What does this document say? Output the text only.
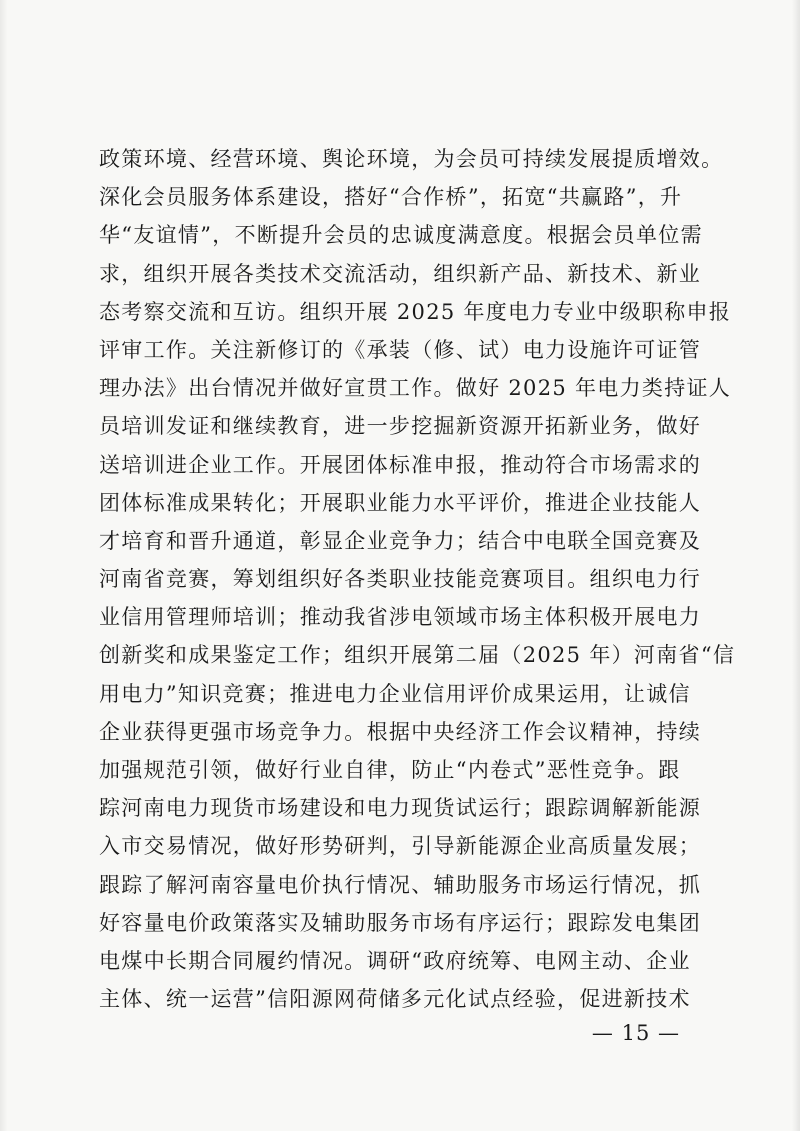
政策环境、经营环境、舆论环境，为会员可持续发展提质增效。
深化会员服务体系建设，搭好“合作桥”，拓宽“共赢路”，升
华“友谊情”，不断提升会员的忠诚度满意度。根据会员单位需
求，组织开展各类技术交流活动，组织新产品、新技术、新业
态考察交流和互访。组织开展 2025 年度电力专业中级职称申报
评审工作。关注新修订的《承装（修、试）电力设施许可证管
理办法》出台情况并做好宣贯工作。做好 2025 年电力类持证人
员培训发证和继续教育，进一步挖掘新资源开拓新业务，做好
送培训进企业工作。开展团体标准申报，推动符合市场需求的
团体标准成果转化；开展职业能力水平评价，推进企业技能人
才培育和晋升通道，彰显企业竞争力；结合中电联全国竞赛及
河南省竞赛，筹划组织好各类职业技能竞赛项目。组织电力行
业信用管理师培训；推动我省涉电领域市场主体积极开展电力
创新奖和成果鉴定工作；组织开展第二届（2025 年）河南省“信
用电力”知识竞赛；推进电力企业信用评价成果运用，让诚信
企业获得更强市场竞争力。根据中央经济工作会议精神，持续
加强规范引领，做好行业自律，防止“内卷式”恶性竞争。跟
踪河南电力现货市场建设和电力现货试运行；跟踪调解新能源
入市交易情况，做好形势研判，引导新能源企业高质量发展；
跟踪了解河南容量电价执行情况、辅助服务市场运行情况，抓
好容量电价政策落实及辅助服务市场有序运行；跟踪发电集团
电煤中长期合同履约情况。调研“政府统筹、电网主动、企业
主体、统一运营”信阳源网荷储多元化试点经验，促进新技术
— 15 —
